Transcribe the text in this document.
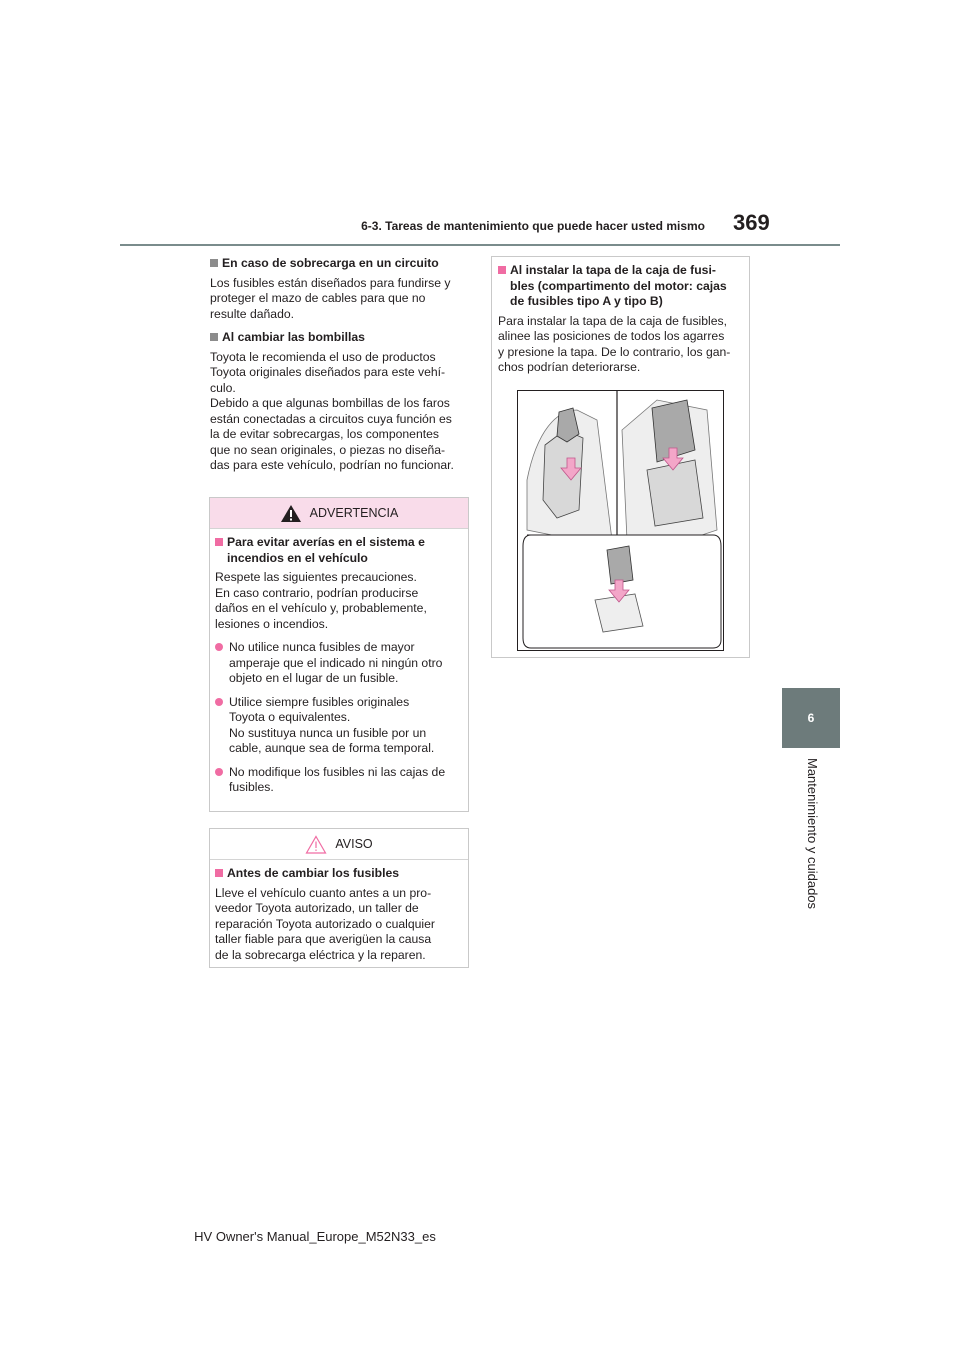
6-3. Tareas de mantenimiento que puede hacer usted mismo 369
6
Mantenimiento y cuidados
En caso de sobrecarga en un circuito

Los fusibles están diseñados para fundirse y
proteger el mazo de cables para que no
resulte dañado.

Al cambiar las bombillas

Toyota le recomienda el uso de productos
Toyota originales diseñados para este vehí-
culo.
Debido a que algunas bombillas de los faros
están conectadas a circuitos cuya función es
la de evitar sobrecargas, los componentes
que no sean originales, o piezas no diseña-
das para este vehículo, podrían no funcionar.

ADVERTENCIA
Para evitar averías en el sistema e
incendios en el vehículo

Respete las siguientes precauciones.
En caso contrario, podrían producirse
daños en el vehículo y, probablemente,
lesiones o incendios.

No utilice nunca fusibles de mayor
amperaje que el indicado ni ningún otro
objeto en el lugar de un fusible.
Utilice siempre fusibles originales
Toyota o equivalentes.
No sustituya nunca un fusible por un
cable, aunque sea de forma temporal.
No modifique los fusibles ni las cajas de
fusibles.
AVISO
Antes de cambiar los fusibles

Lleve el vehículo cuanto antes a un pro-
veedor Toyota autorizado, un taller de
reparación Toyota autorizado o cualquier
taller fiable para que averigüen la causa
de la sobrecarga eléctrica y la reparen.

Al instalar la tapa de la caja de fusi-
bles (compartimento del motor: cajas
de fusibles tipo A y tipo B)

Para instalar la tapa de la caja de fusibles,
alinee las posiciones de todos los agarres
y presione la tapa. De lo contrario, los gan-
chos podrían deteriorarse.

HV Owner's Manual_Europe_M52N33_es
